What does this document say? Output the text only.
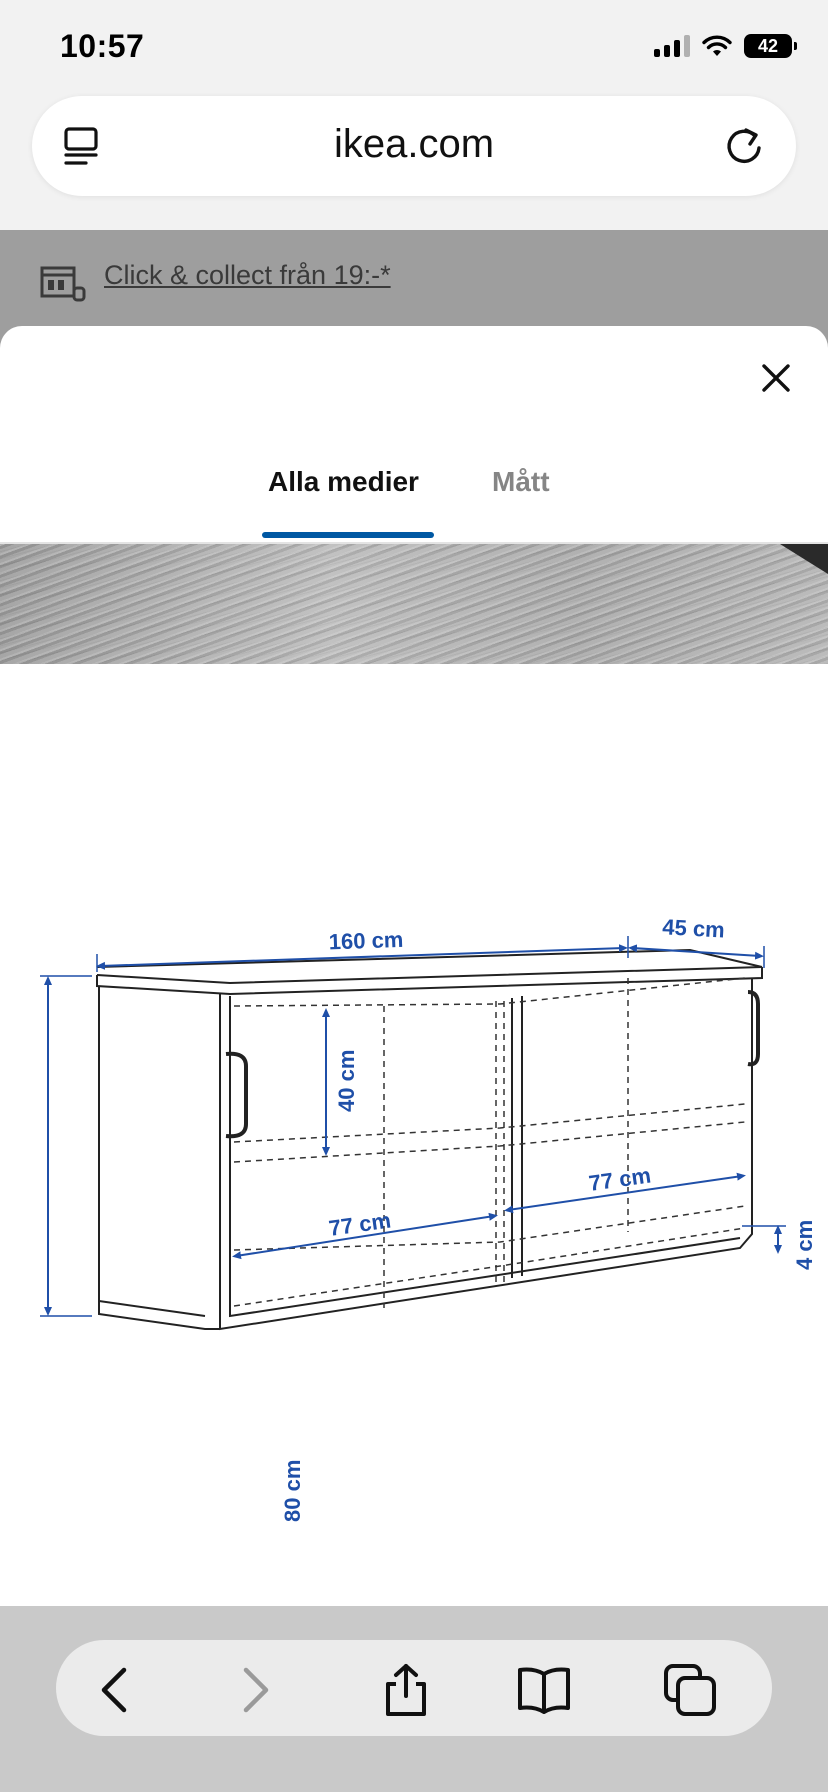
10:57	42
ikea.com
Click & collect från 19:-*
Alla medier	Mått
160 cm	45 cm
80 cm
40 cm
77 cm
77 cm
4 cm
